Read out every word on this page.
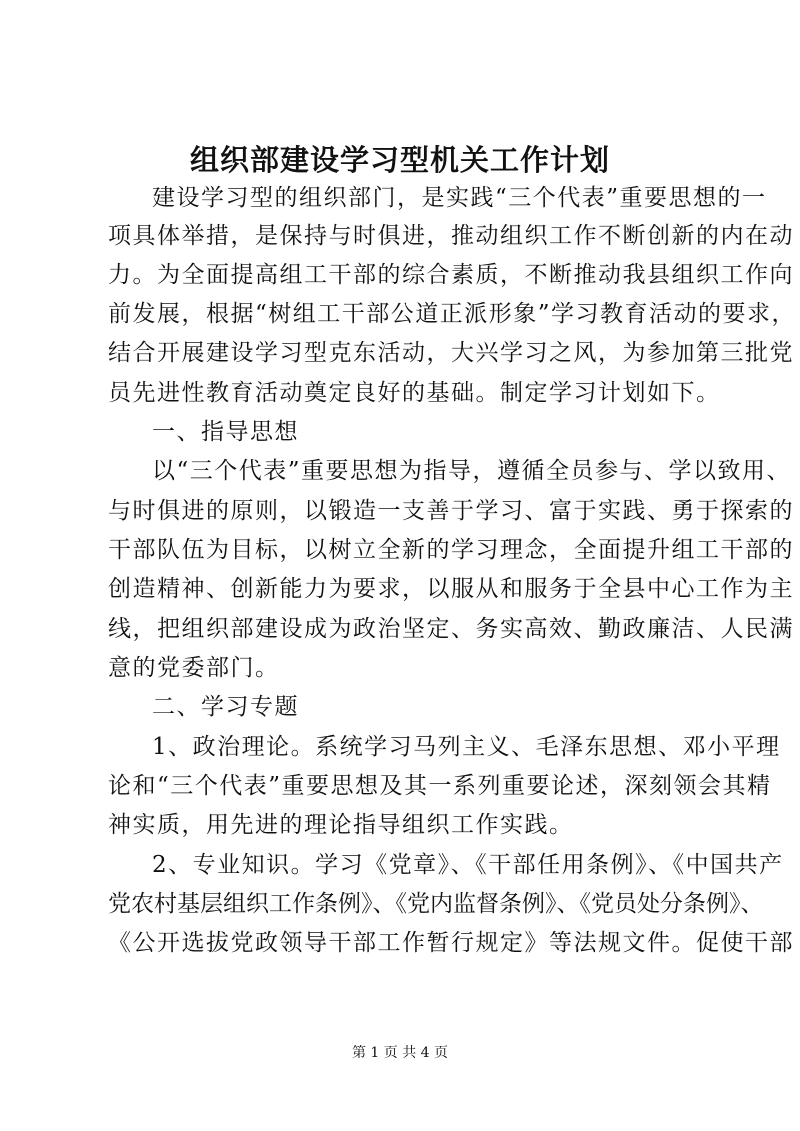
组织部建设学习型机关工作计划
建设学习型的组织部门，是实践“三个代表”重要思想的一
项具体举措，是保持与时俱进，推动组织工作不断创新的内在动
力。为全面提高组工干部的综合素质，不断推动我县组织工作向
前发展，根据“树组工干部公道正派形象”学习教育活动的要求，
结合开展建设学习型克东活动，大兴学习之风，为参加第三批党
员先进性教育活动奠定良好的基础。制定学习计划如下。
一、指导思想
以“三个代表”重要思想为指导，遵循全员参与、学以致用、
与时俱进的原则，以锻造一支善于学习、富于实践、勇于探索的
干部队伍为目标，以树立全新的学习理念，全面提升组工干部的
创造精神、创新能力为要求，以服从和服务于全县中心工作为主
线，把组织部建设成为政治坚定、务实高效、勤政廉洁、人民满
意的党委部门。
二、学习专题
1、政治理论。系统学习马列主义、毛泽东思想、邓小平理
论和“三个代表”重要思想及其一系列重要论述，深刻领会其精
神实质，用先进的理论指导组织工作实践。
2、专业知识。学习《党章》、《干部任用条例》、《中国共产
党农村基层组织工作条例》、《党内监督条例》、《党员处分条例》、
《公开选拔党政领导干部工作暂行规定》等法规文件。促使干部
第 1 页 共 4 页
